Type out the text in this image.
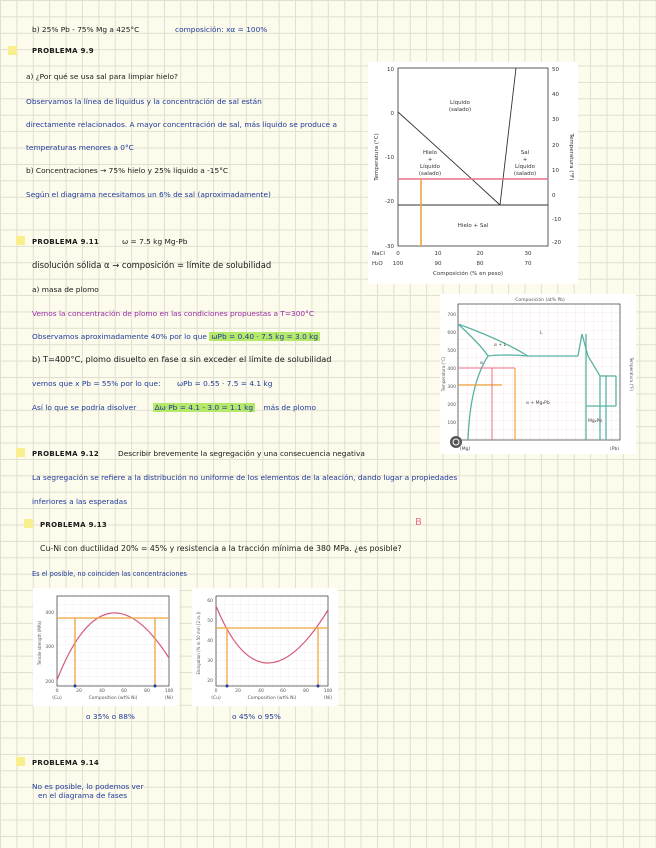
b) 25% Pb - 75% Mg a 425°C	composición: xα = 100%
PROBLEMA 9.9
a) ¿Por qué se usa sal para limpiar hielo?
Observamos la línea de liquidus y la concentración de sal están
directamente relacionados. A mayor concentración de sal, más líquido se produce a
temperaturas menores a 0°C
b) Concentraciones → 75% hielo y 25% líquido a -15°C
Según el diagrama necesitamos un 6% de sal (aproximadamente)
10
0
-10
-20
-30
50
40
30
20
10
0
-10
-20
Temperatura (°C)	Temperatura (°F)
Líquido
(salado)
Hielo
+
Líquido
(salado)
Sal
+
Líquido
(salado)
Hielo + Sal
0	10	20	30
100	90	80	70
NaCl
H₂O
Composición (% en peso)
PROBLEMA 9.11	ω = 7.5 kg Mg-Pb
disolución sólida α → composición = límite de solubilidad
a) masa de plomo
Vemos la concentración de plomo en las condiciones propuestas a T=300°C
Observamos aproximadamente 40% por lo que ωPb = 0.40 · 7.5 kg = 3.0 kg
b) T=400°C, plomo disuelto en fase α sin exceder el límite de solubilidad
vemos que x Pb = 55% por lo que: ωPb = 0.55 · 7.5 = 4.1 kg
Así lo que se podría disolver Δω Pb = 4.1 - 3.0 = 1.1 kg más de plomo
Composición (at% Pb)
700
600
500
400
300
200
100
Temperatura (°C)	Temperatura (°F)
L
α + L
α
α + Mg₂Pb
Mg₂Pb
(Mg)	(Pb)
PROBLEMA 9.12	Describir brevemente la segregación y una consecuencia negativa
La segregación se refiere a la distribución no uniforme de los elementos de la aleación, dando lugar a propiedades
inferiores a las esperadas
PROBLEMA 9.13	B
Cu-Ni con ductilidad 20% = 45% y resistencia a la tracción mínima de 380 MPa. ¿es posible?
Es el posible, no coinciden las concentraciones
Tensile strength (MPa)
400
300
200
0	20	40	60	80	100
Composition (wt% Ni)
(Cu)	(Ni)
Elongation (% in 50 mm [2 in.])
60
50
40
30
20
0	20	40	60	80	100
Composition (wt% Ni)
(Cu)	(Ni)
o 35% o 88%	o 45% o 95%
PROBLEMA 9.14
No es posible, lo podemos ver
en el diagrama de fases
